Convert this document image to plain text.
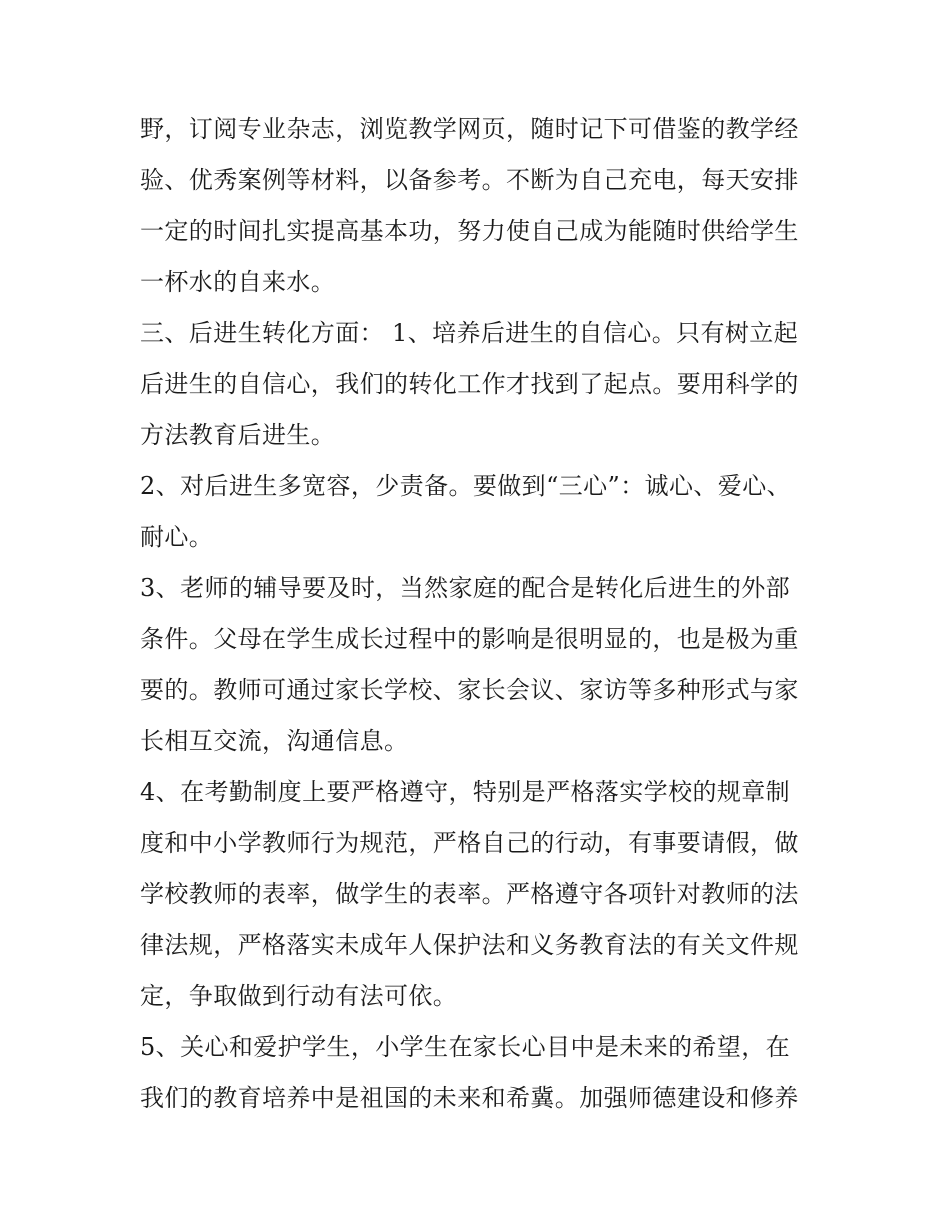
野，订阅专业杂志，浏览教学网页，随时记下可借鉴的教学经
验、优秀案例等材料，以备参考。不断为自己充电，每天安排
一定的时间扎实提高基本功，努力使自己成为能随时供给学生
一杯水的自来水。
三、后进生转化方面： 1、培养后进生的自信心。只有树立起
后进生的自信心，我们的转化工作才找到了起点。要用科学的
方法教育后进生。
2、对后进生多宽容，少责备。要做到“三心”：诚心、爱心、
耐心。
3、老师的辅导要及时，当然家庭的配合是转化后进生的外部
条件。父母在学生成长过程中的影响是很明显的，也是极为重
要的。教师可通过家长学校、家长会议、家访等多种形式与家
长相互交流，沟通信息。
4、在考勤制度上要严格遵守，特别是严格落实学校的规章制
度和中小学教师行为规范，严格自己的行动，有事要请假，做
学校教师的表率，做学生的表率。严格遵守各项针对教师的法
律法规，严格落实未成年人保护法和义务教育法的有关文件规
定，争取做到行动有法可依。
5、关心和爱护学生，小学生在家长心目中是未来的希望，在
我们的教育培养中是祖国的未来和希冀。加强师德建设和修养
